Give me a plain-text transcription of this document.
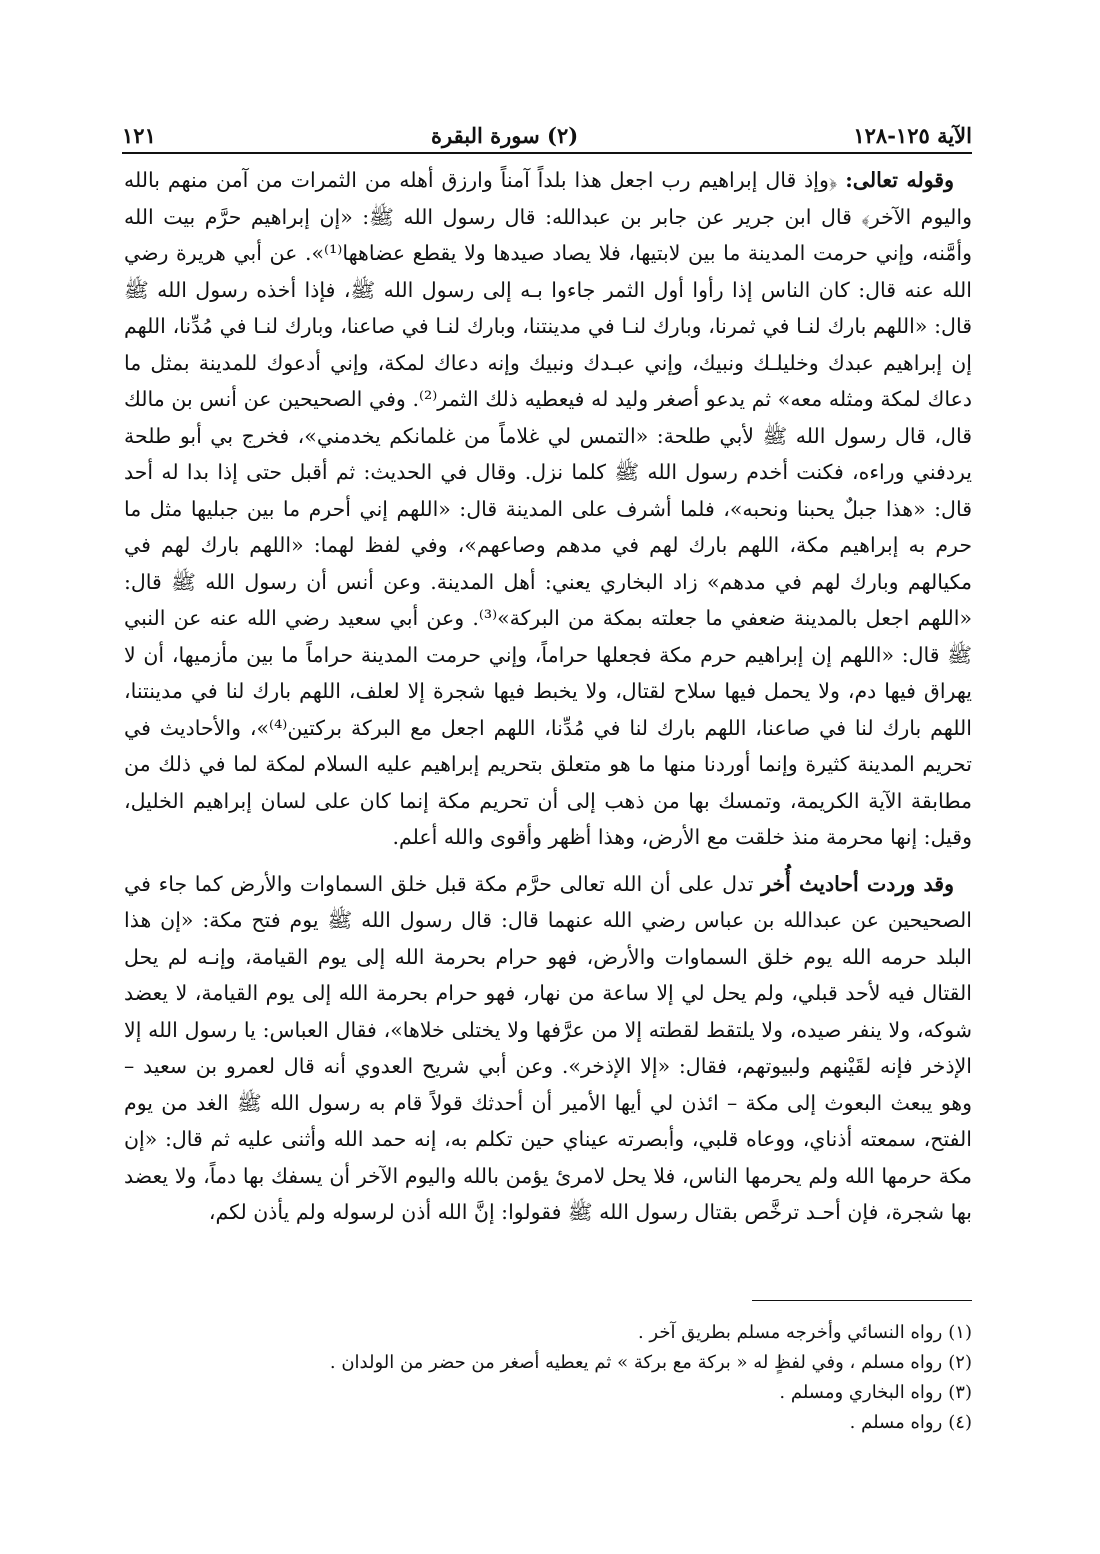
الآية ١٢٥-١٢٨
(٢) سورة البقرة
١٢١

وقوله تعالى: ﴿وإذ قال إبراهيم رب اجعل هذا بلداً آمناً وارزق أهله من الثمرات من آمن منهم بالله واليوم الآخر﴾ قال ابن جرير عن جابر بن عبدالله: قال رسول الله ﷺ: «إن إبراهيم حرَّم بيت الله وأمَّنه، وإني حرمت المدينة ما بين لابتيها، فلا يصاد صيدها ولا يقطع عضاهها⁽¹⁾». عن أبي هريرة رضي الله عنه قال: كان الناس إذا رأوا أول الثمر جاءوا بـه إلى رسول الله ﷺ، فإذا أخذه رسول الله ﷺ قال: «اللهم بارك لنـا في ثمرنا، وبارك لنـا في مدينتنا، وبارك لنـا في صاعنا، وبارك لنـا في مُدِّنا، اللهم إن إبراهيم عبدك وخليلـك ونبيك، وإني عبـدك ونبيك وإنه دعاك لمكة، وإني أدعوك للمدينة بمثل ما دعاك لمكة ومثله معه» ثم يدعو أصغر وليد له فيعطيه ذلك الثمر⁽²⁾. وفي الصحيحين عن أنس بن مالك قال، قال رسول الله ﷺ لأبي طلحة: «التمس لي غلاماً من غلمانكم يخدمني»، فخرج بي أبو طلحة يردفني وراءه، فكنت أخدم رسول الله ﷺ كلما نزل. وقال في الحديث: ثم أقبل حتى إذا بدا له أحد قال: «هذا جبلٌ يحبنا ونحبه»، فلما أشرف على المدينة قال: «اللهم إني أحرم ما بين جبليها مثل ما حرم به إبراهيم مكة، اللهم بارك لهم في مدهم وصاعهم»، وفي لفظ لهما: «اللهم بارك لهم في مكيالهم وبارك لهم في مدهم» زاد البخاري يعني: أهل المدينة. وعن أنس أن رسول الله ﷺ قال: «اللهم اجعل بالمدينة ضعفي ما جعلته بمكة من البركة»⁽³⁾. وعن أبي سعيد رضي الله عنه عن النبي ﷺ قال: «اللهم إن إبراهيم حرم مكة فجعلها حراماً، وإني حرمت المدينة حراماً ما بين مأزميها، أن لا يهراق فيها دم، ولا يحمل فيها سلاح لقتال، ولا يخبط فيها شجرة إلا لعلف، اللهم بارك لنا في مدينتنا، اللهم بارك لنا في صاعنا، اللهم بارك لنا في مُدِّنا، اللهم اجعل مع البركة بركتين⁽⁴⁾»، والأحاديث في تحريم المدينة كثيرة وإنما أوردنا منها ما هو متعلق بتحريم إبراهيم عليه السلام لمكة لما في ذلك من مطابقة الآية الكريمة، وتمسك بها من ذهب إلى أن تحريم مكة إنما كان على لسان إبراهيم الخليل، وقيل: إنها محرمة منذ خلقت مع الأرض، وهذا أظهر وأقوى والله أعلم.

وقد وردت أحاديث أُخر تدل على أن الله تعالى حرَّم مكة قبل خلق السماوات والأرض كما جاء في الصحيحين عن عبدالله بن عباس رضي الله عنهما قال: قال رسول الله ﷺ يوم فتح مكة: «إن هذا البلد حرمه الله يوم خلق السماوات والأرض، فهو حرام بحرمة الله إلى يوم القيامة، وإنـه لم يحل القتال فيه لأحد قبلي، ولم يحل لي إلا ساعة من نهار، فهو حرام بحرمة الله إلى يوم القيامة، لا يعضد شوكه، ولا ينفر صيده، ولا يلتقط لقطته إلا من عرَّفها ولا يختلى خلاها»، فقال العباس: يا رسول الله إلا الإذخر فإنه لقَيْنهم ولبيوتهم، فقال: «إلا الإذخر». وعن أبي شريح العدوي أنه قال لعمرو بن سعيد – وهو يبعث البعوث إلى مكة – ائذن لي أيها الأمير أن أحدثك قولاً قام به رسول الله ﷺ الغد من يوم الفتح، سمعته أذناي، ووعاه قلبي، وأبصرته عيناي حين تكلم به، إنه حمد الله وأثنى عليه ثم قال: «إن مكة حرمها الله ولم يحرمها الناس، فلا يحل لامرئ يؤمن بالله واليوم الآخر أن يسفك بها دماً، ولا يعضد بها شجرة، فإن أحـد ترخَّص بقتال رسول الله ﷺ فقولوا: إنَّ الله أذن لرسوله ولم يأذن لكم،

(١)
رواه النسائي وأخرجه مسلم بطريق آخر .
(٢)
رواه مسلم ، وفي لفظٍ له « بركة مع بركة » ثم يعطيه أصغر من حضر من الولدان .
(٣)
رواه البخاري ومسلم .
(٤)
رواه مسلم .
